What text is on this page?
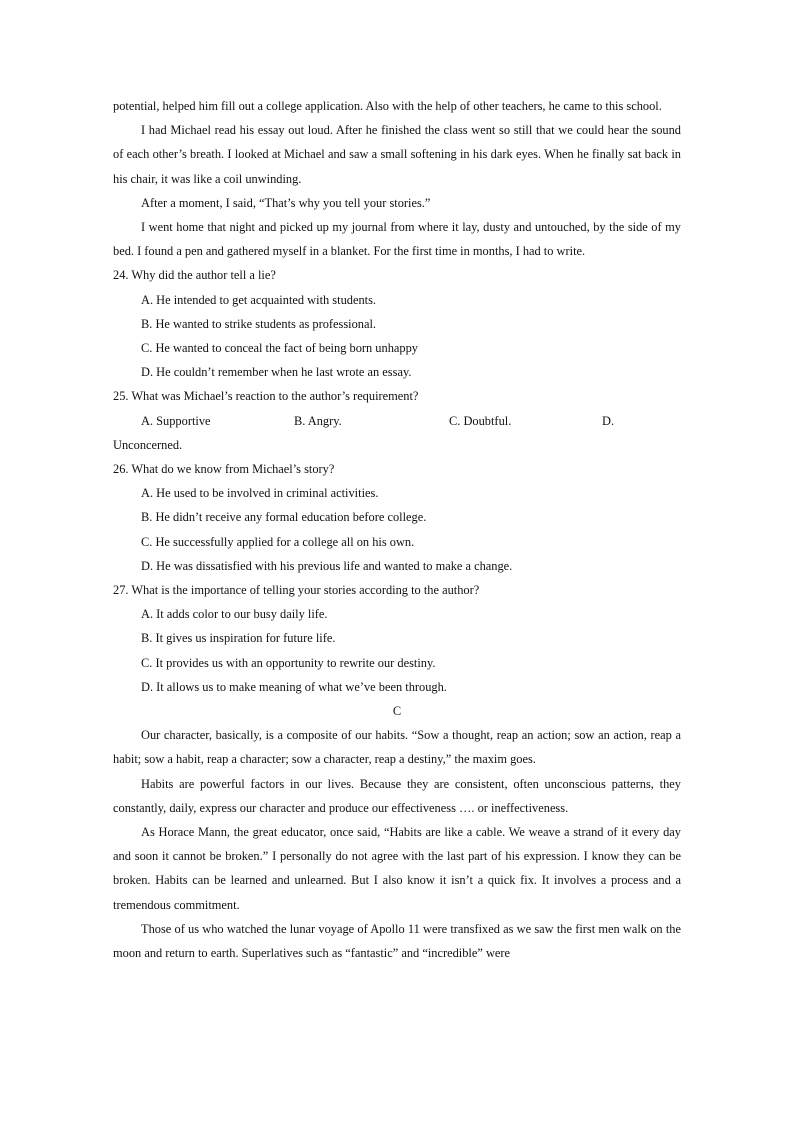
potential, helped him fill out a college application. Also with the help of other teachers, he came to this school.

I had Michael read his essay out loud. After he finished the class went so still that we could hear the sound of each other’s breath. I looked at Michael and saw a small softening in his dark eyes. When he finally sat back in his chair, it was like a coil unwinding.

After a moment, I said, “That’s why you tell your stories.”

I went home that night and picked up my journal from where it lay, dusty and untouched, by the side of my bed. I found a pen and gathered myself in a blanket. For the first time in months, I had to write.

24. Why did the author tell a lie?

A. He intended to get acquainted with students.

B. He wanted to strike students as professional.

C. He wanted to conceal the fact of being born unhappy

D. He couldn’t remember when he last wrote an essay.

25. What was Michael’s reaction to the author’s requirement?

A. Supportive	B. Angry.	C. Doubtful.	D.

Unconcerned.

26. What do we know from Michael’s story?

A. He used to be involved in criminal activities.

B. He didn’t receive any formal education before college.

C. He successfully applied for a college all on his own.

D. He was dissatisfied with his previous life and wanted to make a change.

27. What is the importance of telling your stories according to the author?

A. It adds color to our busy daily life.

B. It gives us inspiration for future life.

C. It provides us with an opportunity to rewrite our destiny.

D. It allows us to make meaning of what we’ve been through.

C

Our character, basically, is a composite of our habits. “Sow a thought, reap an action; sow an action, reap a habit; sow a habit, reap a character; sow a character, reap a destiny,” the maxim goes.

Habits are powerful factors in our lives. Because they are consistent, often unconscious patterns, they constantly, daily, express our character and produce our effectiveness …. or ineffectiveness.

As Horace Mann, the great educator, once said, “Habits are like a cable. We weave a strand of it every day and soon it cannot be broken.” I personally do not agree with the last part of his expression. I know they can be broken. Habits can be learned and unlearned. But I also know it isn’t a quick fix. It involves a process and a tremendous commitment.

Those of us who watched the lunar voyage of Apollo 11 were transfixed as we saw the first men walk on the moon and return to earth. Superlatives such as “fantastic” and “incredible” were
